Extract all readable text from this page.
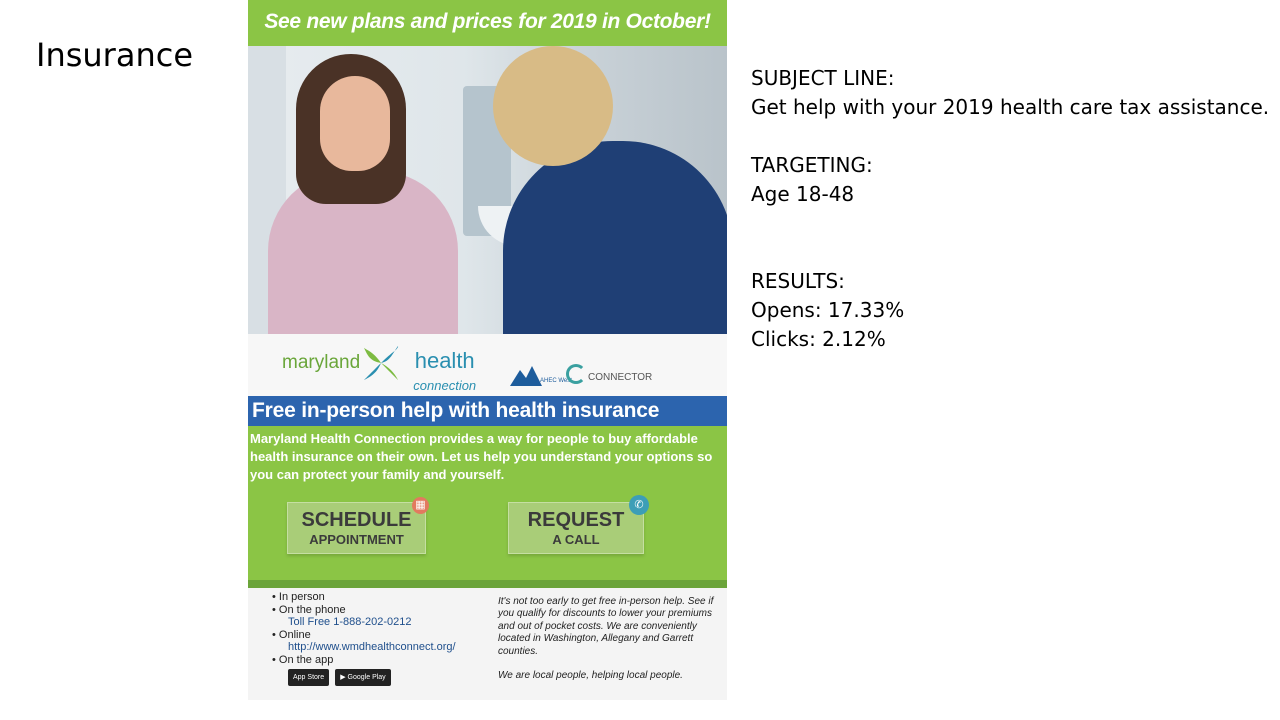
Insurance
See new plans and prices for 2019 in October!
maryland health
connection	AHEC West CONNECTOR
Free in-person help with health insurance
Maryland Health Connection provides a way for people to buy affordable health insurance on their own. Let us help you understand your options so you can protect your family and yourself.
SCHEDULE
APPOINTMENT
▦
REQUEST
A CALL
✆
• In person
• On the phone
Toll Free 1-888-202-0212
• Online
http://www.wmdhealthconnect.org/
• On the app
App Store ▶ Google Play
It's not too early to get free in-person help. See if you qualify for discounts to lower your premiums and out of pocket costs. We are conveniently located in Washington, Allegany and Garrett counties.
We are local people, helping local people.
SUBJECT LINE:
Get help with your 2019 health care tax assistance.
TARGETING:
Age 18-48
RESULTS:
Opens: 17.33%
Clicks: 2.12%
